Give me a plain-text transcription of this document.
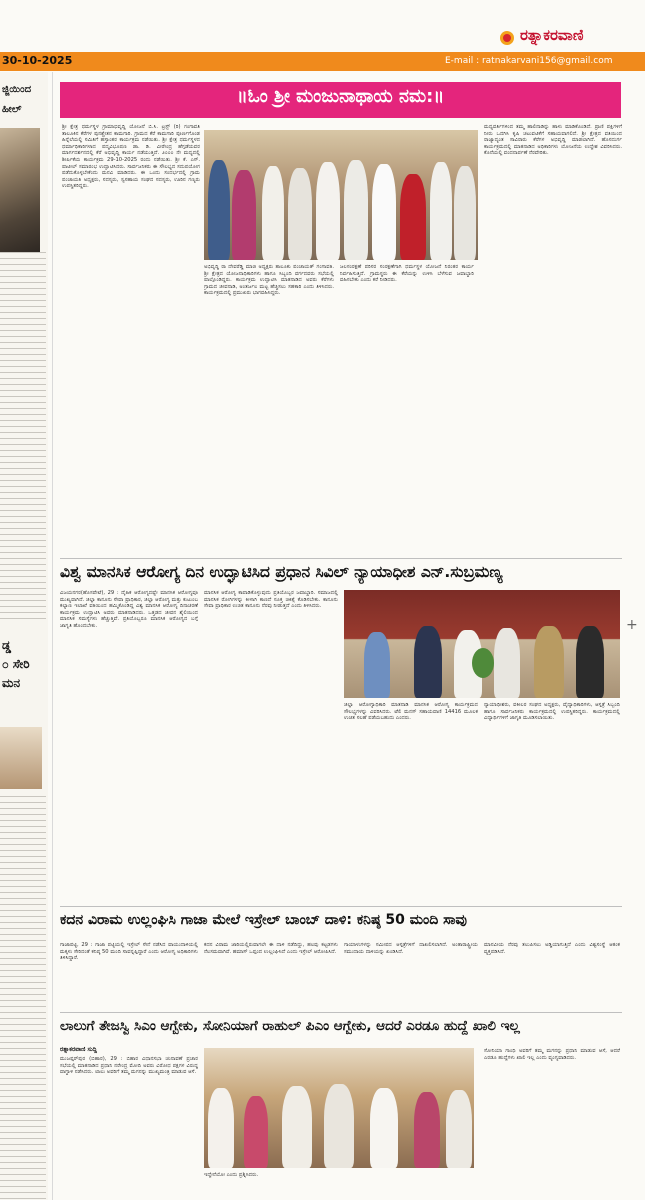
30-10-2025	E-mail : ratnakarvani156@gmail.com
ರತ್ನಾಕರವಾಣಿ
ಜ್ಜಿಯಿಂದ
ಹೀಲ್
ಡ್ಡ
೦ ಸೇರಿ
ಮನ
॥ಓಂ ಶ್ರೀ ಮಂಜುನಾಥಾಯ ನಮ:॥
ಶ್ರೀ ಕ್ಷೇತ್ರ ಧರ್ಮಸ್ಥಳ ಗ್ರಾಮಾಭಿವೃದ್ಧಿ ಯೋಜನೆ ಬಿ.ಸಿ. ಟ್ರಸ್ಟ್ (ರಿ) ಗಂಗಾವತಿ ತಾಲೂಕಿನ ಕೆರೆಗಳ ಪುನಶ್ಚೇತನ ಕಾಮಗಾರಿ. ಗ್ರಾಮದ ಕೆರೆ ಕಾಮಗಾರಿ ಪೂರ್ಣಗೊಂಡ ಹಿನ್ನೆಲೆಯಲ್ಲಿ ಸಮಿತಿಗೆ ಹಸ್ತಾಂತರ ಕಾರ್ಯಕ್ರಮ ನಡೆಯಿತು. ಶ್ರೀ ಕ್ಷೇತ್ರ ಧರ್ಮಸ್ಥಳದ ಧರ್ಮಾಧಿಕಾರಿಗಳಾದ ಪದ್ಮವಿಭೂಷಣ ಡಾ. ಡಿ. ವೀರೇಂದ್ರ ಹೆಗ್ಗಡೆಯವರ ಮಾರ್ಗದರ್ಶನದಲ್ಲಿ ಕೆರೆ ಅಭಿವೃದ್ಧಿ ಕಾರ್ಯ ನಡೆಯುತ್ತಿದೆ. ೨೦೦೦ ನೇ ಮಧ್ಯದಲ್ಲಿ ಶೀರ್ಷಿಕೆಯ ಕಾರ್ಯಕ್ರಮ 29-10-2025 ರಂದು ನಡೆಯಿತು. ಶ್ರೀ ಕೆ. ಎಸ್. ಪಾಟೀಲ್ ಸಮಾರಂಭ ಉದ್ಘಾಟಿಸಿದರು. ಸಾರ್ವಜನಿಕರು ಈ ಸೌಲಭ್ಯದ ಸದುಪಯೋಗ ಪಡೆದುಕೊಳ್ಳಬೇಕೆಂದು ಮನವಿ ಮಾಡಿದರು. ಈ ಒಂದು ಸಂದರ್ಭದಲ್ಲಿ ಗ್ರಾಮ ಪಂಚಾಯತಿ ಅಧ್ಯಕ್ಷರು, ಸದಸ್ಯರು, ಸ್ವಸಹಾಯ ಸಂಘದ ಸದಸ್ಯರು, ಊರಿನ ಗಣ್ಯರು ಉಪಸ್ಥಿತರಿದ್ದರು.
ಅಭಿವೃದ್ಧಿ ರಾ ದೇವರೆಡ್ಡಿ ಮಾಜಿ ಅಧ್ಯಕ್ಷರು ತಾಲೂಕು ಪಂಚಾಯತ್ ಗಂಗಾವತಿ. ಶ್ರೀ ಕ್ಷೇತ್ರದ ಯೋಜನಾಧಿಕಾರಿಗಳು ಹಾಗೂ ಸಿಬ್ಬಂದಿ ವರ್ಗದವರು ಸಭೆಯಲ್ಲಿ ಪಾಲ್ಗೊಂಡಿದ್ದರು. ಕಾರ್ಯಕ್ರಮ ಉದ್ಘಾಟಿಸಿ ಮಾತನಾಡಿದ ಅವರು ಕೆರೆಗಳು ಗ್ರಾಮದ ಜೀವನಾಡಿ, ಅಂತರ್ಜಲ ಮಟ್ಟ ಹೆಚ್ಚಿಸಲು ಸಹಕಾರಿ ಎಂದು ತಿಳಿಸಿದರು. ಕಾರ್ಯಕ್ರಮದಲ್ಲಿ ಪ್ರಮುಖರು ಭಾಗವಹಿಸಿದ್ದರು.
ಜಲಸಂರಕ್ಷಣೆ ಪರಿಸರ ಸಂರಕ್ಷಣೆಗಾಗಿ ಧರ್ಮಸ್ಥಳ ಯೋಜನೆ ನಿರಂತರ ಕಾರ್ಯ ನಿರ್ವಹಿಸುತ್ತಿದೆ. ಗ್ರಾಮಸ್ಥರು ಈ ಕೆರೆಯನ್ನು ಉಳಿಸಿ ಬೆಳೆಸುವ ಜವಾಬ್ದಾರಿ ವಹಿಸಬೇಕು ಎಂದು ಕರೆ ನೀಡಿದರು.
ಮಧ್ಯವರ್ತಿಗಳಿಂದ ತಮ್ಮ ಹಾಲಿನಾಡಿನ್ನು ಹಾಳು ಮಾಡಿಕೊಂಡಿದೆ. ಪ್ರಾಣಿ ಪಕ್ಷಿಗಳಿಗೆ ನೀರು ಒದಗಿಸಿ ಕೃಷಿ ಚಟುವಟಿಕೆಗೆ ಸಹಾಯವಾಗಲಿದೆ. ಶ್ರೀ ಕ್ಷೇತ್ರದ ವತಿಯಿಂದ ರಾಜ್ಯಾದ್ಯಂತ ಸಾವಿರಾರು ಕೆರೆಗಳ ಅಭಿವೃದ್ಧಿ ಮಾಡಲಾಗಿದೆ. ಹೊಸದುರ್ಗ ಕಾರ್ಯಕ್ರಮದಲ್ಲಿ ಮಾತನಾಡಿದ ಅಧಿಕಾರಿಗಳು ಯೋಜನೆಯ ಉದ್ದೇಶ ವಿವರಿಸಿದರು. ಕೊನೆಯಲ್ಲಿ ವಂದನಾರ್ಪಣೆ ನೆರವೇರಿತು.
ವಿಶ್ವ ಮಾನಸಿಕ ಆರೋಗ್ಯ ದಿನ ಉದ್ಘಾಟಿಸಿದ ಪ್ರಧಾನ ಸಿವಿಲ್ ನ್ಯಾಯಾಧೀಶ ಎನ್.ಸುಬ್ರಮಣ್ಯ
ವಿಜಯನಗರ(ಹೊಸಪೇಟೆ), 29 : ದೈಹಿಕ ಆರೋಗ್ಯದಷ್ಟೇ ಮಾನಸಿಕ ಆರೋಗ್ಯವೂ ಮುಖ್ಯವಾಗಿದೆ. ಜಿಲ್ಲಾ ಕಾನೂನು ಸೇವಾ ಪ್ರಾಧಿಕಾರ, ಜಿಲ್ಲಾ ಆರೋಗ್ಯ ಮತ್ತು ಕುಟುಂಬ ಕಲ್ಯಾಣ ಇಲಾಖೆ ವತಿಯಿಂದ ಹಮ್ಮಿಕೊಂಡಿದ್ದ ವಿಶ್ವ ಮಾನಸಿಕ ಆರೋಗ್ಯ ದಿನಾಚರಣೆ ಕಾರ್ಯಕ್ರಮ ಉದ್ಘಾಟಿಸಿ ಅವರು ಮಾತನಾಡಿದರು. ಒತ್ತಡದ ಜೀವನ ಶೈಲಿಯಿಂದ ಮಾನಸಿಕ ಸಮಸ್ಯೆಗಳು ಹೆಚ್ಚುತ್ತಿವೆ. ಪ್ರತಿಯೊಬ್ಬರೂ ಮಾನಸಿಕ ಆರೋಗ್ಯದ ಬಗ್ಗೆ ಜಾಗೃತಿ ಹೊಂದಬೇಕು.
ಮಾನಸಿಕ ಆರೋಗ್ಯ ಕಾಪಾಡಿಕೊಳ್ಳುವುದು ಪ್ರತಿಯೊಬ್ಬರ ಜವಾಬ್ದಾರಿ. ಸಮಾಜದಲ್ಲಿ ಮಾನಸಿಕ ರೋಗಿಗಳನ್ನು ಕೀಳಾಗಿ ಕಾಣದೆ ಸೂಕ್ತ ಚಿಕಿತ್ಸೆ ಕೊಡಿಸಬೇಕು. ಕಾನೂನು ಸೇವಾ ಪ್ರಾಧಿಕಾರ ಉಚಿತ ಕಾನೂನು ನೆರವು ನೀಡುತ್ತದೆ ಎಂದು ತಿಳಿಸಿದರು.
ಜಿಲ್ಲಾ ಆರೋಗ್ಯಾಧಿಕಾರಿ ಮಾತನಾಡಿ ಮಾನಸಿಕ ಆರೋಗ್ಯ ಕಾರ್ಯಕ್ರಮದ ಸೌಲಭ್ಯಗಳನ್ನು ವಿವರಿಸಿದರು. ಟೆಲಿ ಮನಸ್ ಸಹಾಯವಾಣಿ 14416 ಮೂಲಕ ಉಚಿತ ಸಲಹೆ ಪಡೆಯಬಹುದು ಎಂದರು.
ನ್ಯಾಯಾಧೀಶರು, ವಕೀಲರ ಸಂಘದ ಅಧ್ಯಕ್ಷರು, ವೈದ್ಯಾಧಿಕಾರಿಗಳು, ಆಸ್ಪತ್ರೆ ಸಿಬ್ಬಂದಿ ಹಾಗೂ ಸಾರ್ವಜನಿಕರು ಕಾರ್ಯಕ್ರಮದಲ್ಲಿ ಉಪಸ್ಥಿತರಿದ್ದರು. ಕಾರ್ಯಕ್ರಮದಲ್ಲಿ ವಿದ್ಯಾರ್ಥಿಗಳಿಗೆ ಜಾಗೃತಿ ಮೂಡಿಸಲಾಯಿತು.
+
ಕದನ ವಿರಾಮ ಉಲ್ಲಂಘಿಸಿ ಗಾಜಾ ಮೇಲೆ ಇಸ್ರೇಲ್ ಬಾಂಬ್ ದಾಳಿ: ಕನಿಷ್ಠ 50 ಮಂದಿ ಸಾವು
ಗಾಜಾಪಟ್ಟಿ, 29 : ಗಾಜಾ ಪಟ್ಟಿಯಲ್ಲಿ ಇಸ್ರೇಲ್ ಸೇನೆ ನಡೆಸಿದ ವಾಯುದಾಳಿಯಲ್ಲಿ ಮಕ್ಕಳು ಸೇರಿದಂತೆ ಕನಿಷ್ಠ 50 ಮಂದಿ ಸಾವನ್ನಪ್ಪಿದ್ದಾರೆ ಎಂದು ಆರೋಗ್ಯ ಅಧಿಕಾರಿಗಳು ತಿಳಿಸಿದ್ದಾರೆ.
ಕದನ ವಿರಾಮ ಜಾರಿಯಲ್ಲಿರುವಾಗಲೇ ಈ ದಾಳಿ ನಡೆದಿದ್ದು, ಹಲವು ಕಟ್ಟಡಗಳು ನೆಲಸಮವಾಗಿವೆ. ಹಮಾಸ್ ಒಪ್ಪಂದ ಉಲ್ಲಂಘಿಸಿದೆ ಎಂದು ಇಸ್ರೇಲ್ ಆರೋಪಿಸಿದೆ.
ಗಾಯಾಳುಗಳನ್ನು ಸಮೀಪದ ಆಸ್ಪತ್ರೆಗಳಿಗೆ ದಾಖಲಿಸಲಾಗಿದೆ. ಅಂತಾರಾಷ್ಟ್ರೀಯ ಸಮುದಾಯ ದಾಳಿಯನ್ನು ಖಂಡಿಸಿದೆ.
ಮಾನವೀಯ ನೆರವು ತಲುಪಿಸಲು ಅಡ್ಡಿಯಾಗುತ್ತಿದೆ ಎಂದು ವಿಶ್ವಸಂಸ್ಥೆ ಆತಂಕ ವ್ಯಕ್ತಪಡಿಸಿದೆ.
ಲಾಲುಗೆ ತೇಜಸ್ವಿ ಸಿಎಂ ಆಗ್ಬೇಕು, ಸೋನಿಯಾಗೆ ರಾಹುಲ್ ಪಿಎಂ ಆಗ್ಬೇಕು, ಆದರೆ ಎರಡೂ ಹುದ್ದೆ ಖಾಲಿ ಇಲ್ಲ
ರತ್ನಾಕರವಾಣಿ ಸುದ್ದಿ
ಮುಜಫ್ಫರ್‌ಪುರ (ಬಿಹಾರ), 29 : ಬಿಹಾರ ವಿಧಾನಸಭಾ ಚುನಾವಣೆ ಪ್ರಚಾರ ಸಭೆಯಲ್ಲಿ ಮಾತನಾಡಿದ ಪ್ರಧಾನಿ ನರೇಂದ್ರ ಮೋದಿ ಅವರು ವಿರೋಧ ಪಕ್ಷಗಳ ವಿರುದ್ಧ ವಾಗ್ದಾಳಿ ನಡೆಸಿದರು. ಲಾಲು ಅವರಿಗೆ ತಮ್ಮ ಮಗನನ್ನು ಮುಖ್ಯಮಂತ್ರಿ ಮಾಡುವ ಆಸೆ.
ಇದ್ದೇನೆಯೋ ಎಂದು ಪ್ರಶ್ನಿಸಿದರು.
ಸೋನಿಯಾ ಗಾಂಧಿ ಅವರಿಗೆ ತಮ್ಮ ಮಗನನ್ನು ಪ್ರಧಾನಿ ಮಾಡುವ ಆಸೆ, ಆದರೆ ಎರಡೂ ಹುದ್ದೆಗಳು ಖಾಲಿ ಇಲ್ಲ ಎಂದು ವ್ಯಂಗ್ಯವಾಡಿದರು.
